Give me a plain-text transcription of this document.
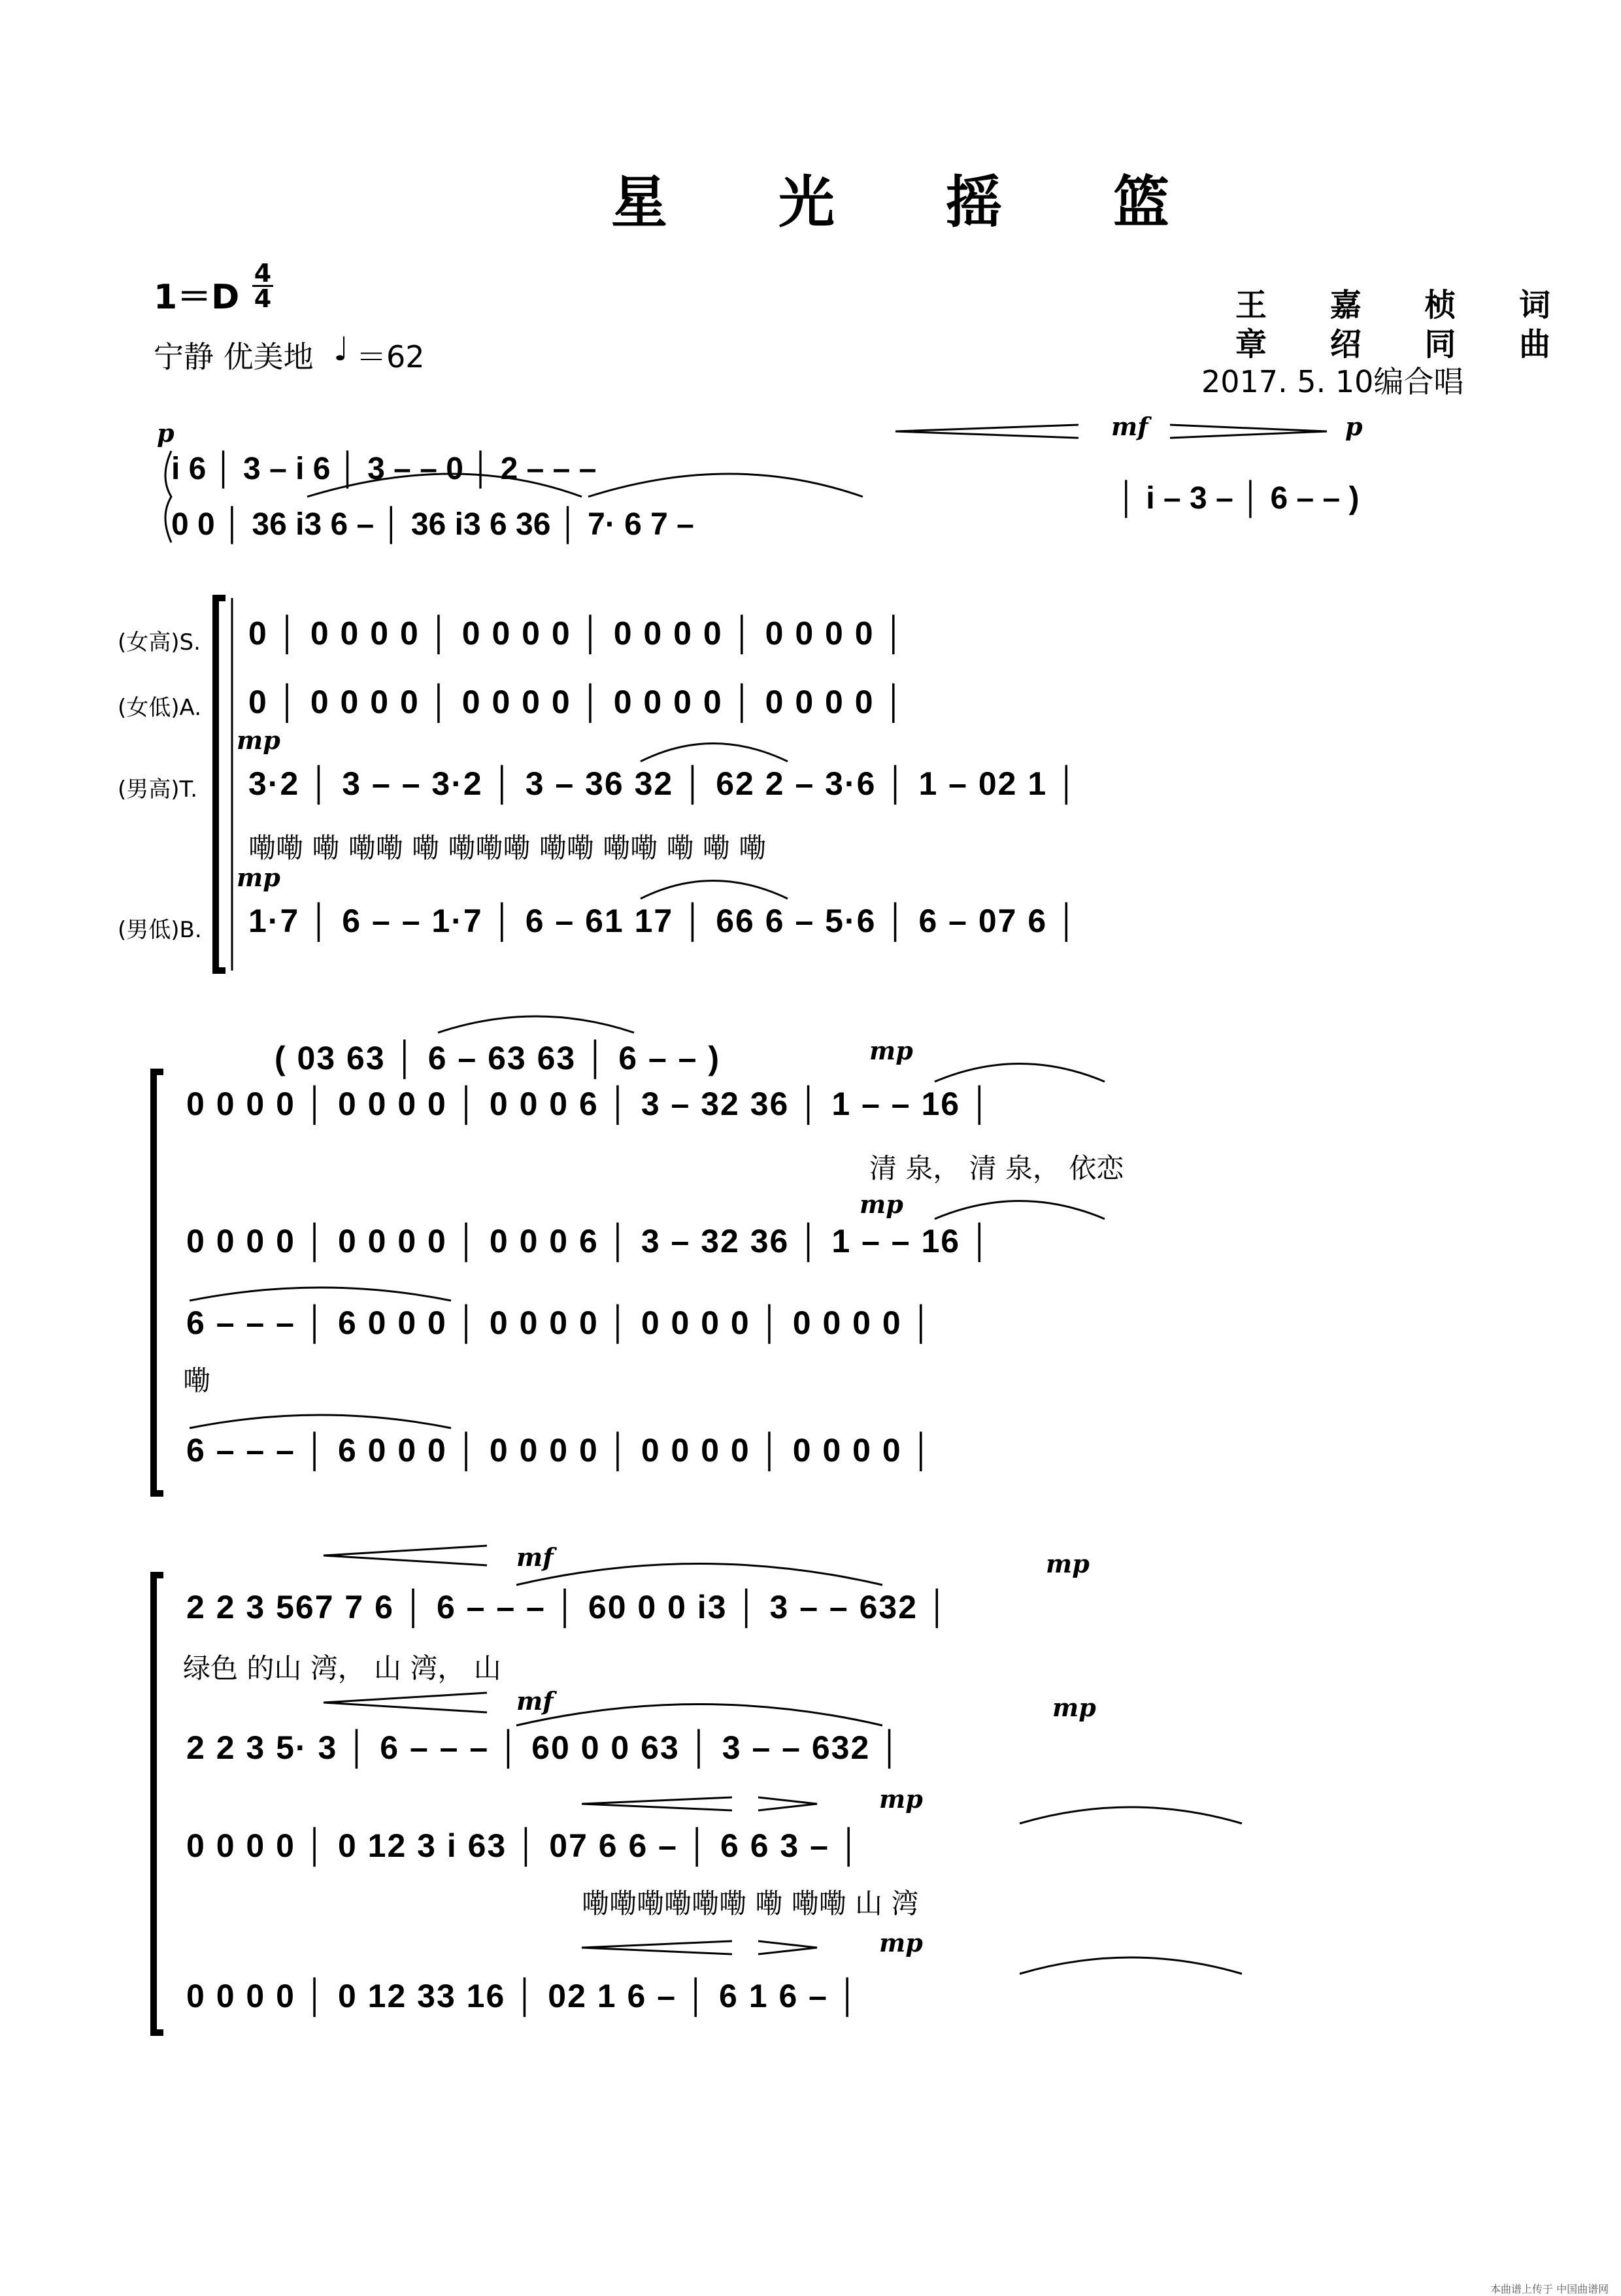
星 光 摇 篮
1＝D
4
4
宁静 优美地 ♩ ＝62
王 嘉 桢 词
章 绍 同 曲
2017. 5. 10编合唱
p	mf	p
i 6 │ 3 – i 6 │ 3 – – 0 │ 2 – – –
0 0 │ 36 i3 6 – │ 36 i3 6 36 │ 7· 6 7 –
│ i – 3 – │ 6 – – )
(女高)S.
(女低)A.
(男高)T.
(男低)B.
0 │ 0 0 0 0 │ 0 0 0 0 │ 0 0 0 0 │ 0 0 0 0 │
0 │ 0 0 0 0 │ 0 0 0 0 │ 0 0 0 0 │ 0 0 0 0 │
mp
3·2 │ 3 – – 3·2 │ 3 – 36 32 │ 62 2 – 3·6 │ 1 – 02 1 │
嘞嘞 嘞 嘞嘞 嘞 嘞嘞嘞 嘞嘞 嘞嘞 嘞 嘞 嘞
mp
1·7 │ 6 – – 1·7 │ 6 – 61 17 │ 66 6 – 5·6 │ 6 – 07 6 │
( 03 63 │ 6 – 63 63 │ 6 – – )	mp
0 0 0 0 │ 0 0 0 0 │ 0 0 0 6 │ 3 – 32 36 │ 1 – – 16 │
清 泉， 清 泉， 依恋
mp
0 0 0 0 │ 0 0 0 0 │ 0 0 0 6 │ 3 – 32 36 │ 1 – – 16 │
6 – – – │ 6 0 0 0 │ 0 0 0 0 │ 0 0 0 0 │ 0 0 0 0 │
嘞
6 – – – │ 6 0 0 0 │ 0 0 0 0 │ 0 0 0 0 │ 0 0 0 0 │
mf	mp
2 2 3 567 7 6 │ 6 – – – │ 60 0 0 i3 │ 3 – – 632 │
绿色 的山 湾， 山 湾， 山
mf	mp
2 2 3 5· 3 │ 6 – – – │ 60 0 0 63 │ 3 – – 632 │
mp
0 0 0 0 │ 0 12 3 i 63 │ 07 6 6 – │ 6 6 3 – │
嘞嘞嘞嘞嘞嘞 嘞 嘞嘞 山 湾
mp
0 0 0 0 │ 0 12 33 16 │ 02 1 6 – │ 6 1 6 – │
本曲谱上传于 中国曲谱网
